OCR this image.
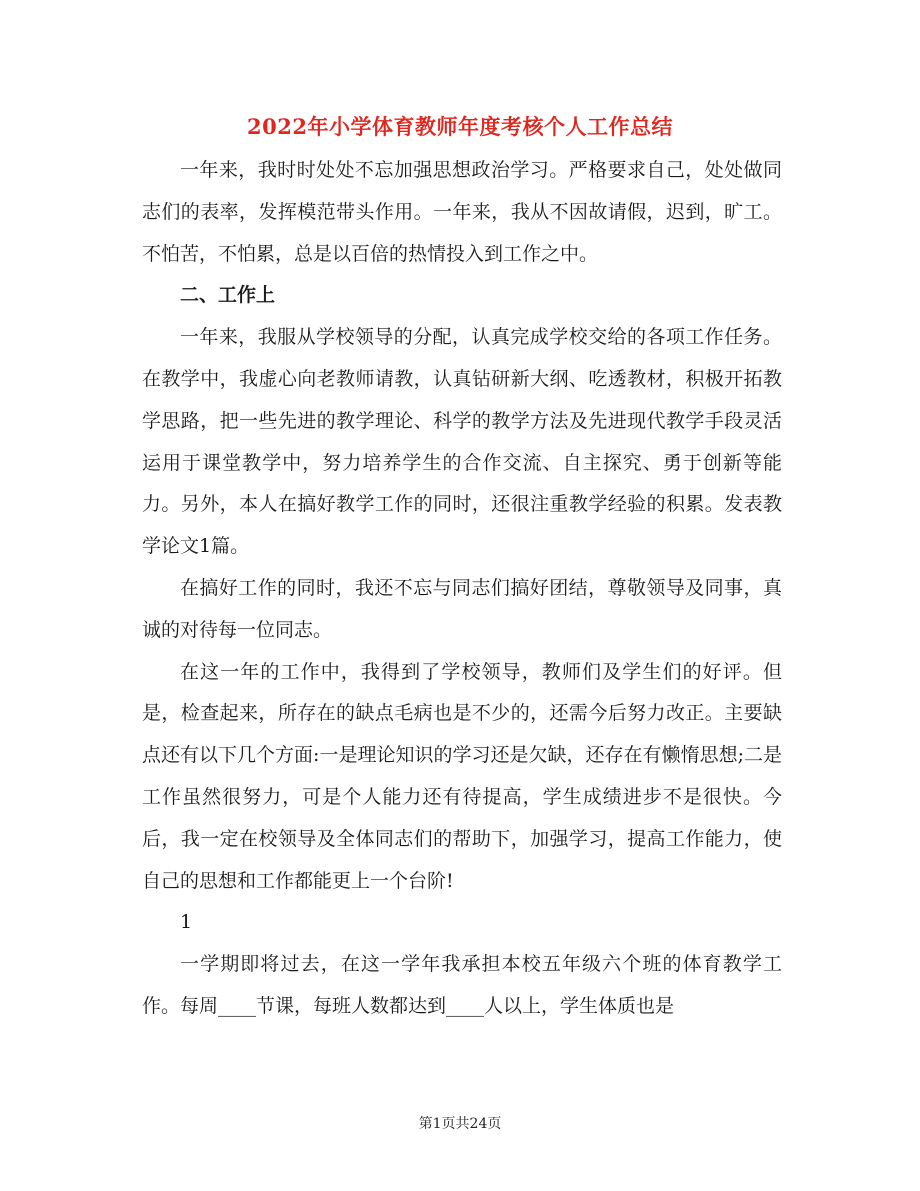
2022年小学体育教师年度考核个人工作总结

一年来，我时时处处不忘加强思想政治学习。严格要求自己，处处做同志们的表率，发挥模范带头作用。一年来，我从不因故请假，迟到，旷工。不怕苦，不怕累，总是以百倍的热情投入到工作之中。

二、工作上

一年来，我服从学校领导的分配，认真完成学校交给的各项工作任务。在教学中，我虚心向老教师请教，认真钻研新大纲、吃透教材，积极开拓教学思路，把一些先进的教学理论、科学的教学方法及先进现代教学手段灵活运用于课堂教学中，努力培养学生的合作交流、自主探究、勇于创新等能力。另外，本人在搞好教学工作的同时，还很注重教学经验的积累。发表教学论文1篇。

在搞好工作的同时，我还不忘与同志们搞好团结，尊敬领导及同事，真诚的对待每一位同志。

在这一年的工作中，我得到了学校领导，教师们及学生们的好评。但是，检查起来，所存在的缺点毛病也是不少的，还需今后努力改正。主要缺点还有以下几个方面:一是理论知识的学习还是欠缺，还存在有懒惰思想;二是工作虽然很努力，可是个人能力还有待提高，学生成绩进步不是很快。今后，我一定在校领导及全体同志们的帮助下，加强学习，提高工作能力，使自己的思想和工作都能更上一个台阶!

1

一学期即将过去，在这一学年我承担本校五年级六个班的体育教学工作。每周____节课，每班人数都达到____人以上，学生体质也是

第1页共24页
